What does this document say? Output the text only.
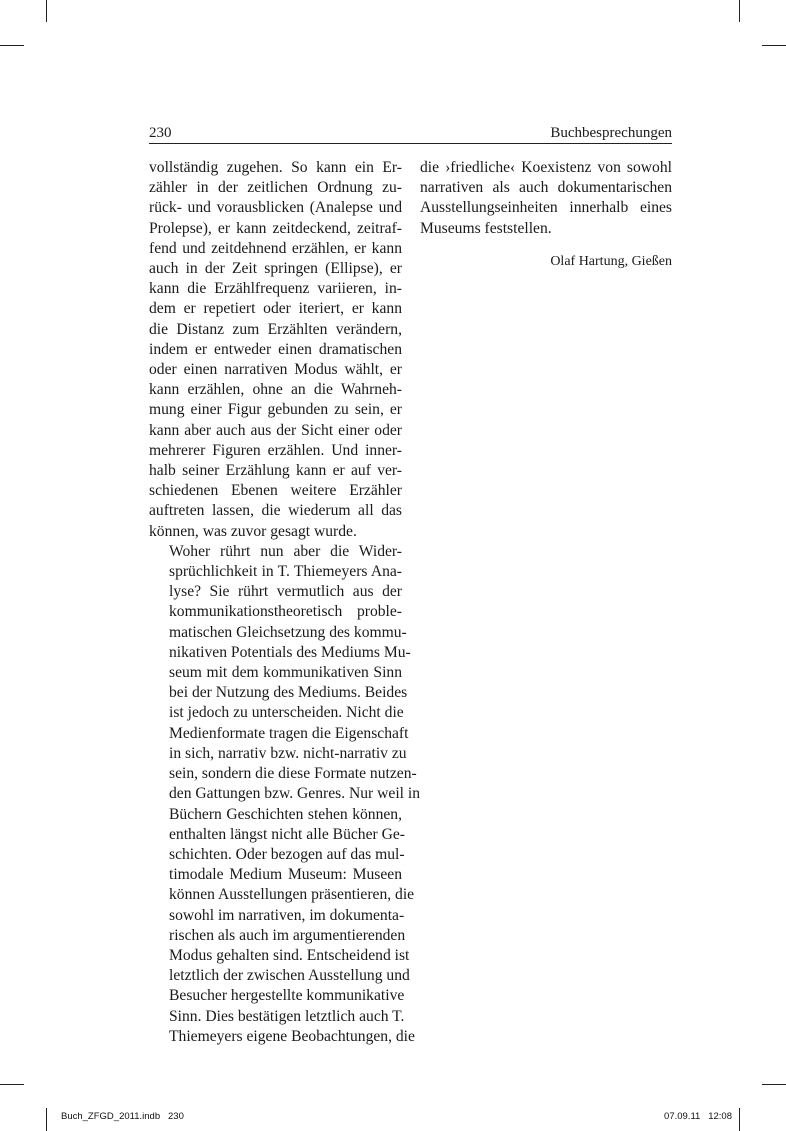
230	Buchbesprechungen

vollständig zugehen. So kann ein Er-
zähler in der zeitlichen Ordnung zu-
rück- und vorausblicken (Analepse und
Prolepse), er kann zeitdeckend, zeitraf-
fend und zeitdehnend erzählen, er kann
auch in der Zeit springen (Ellipse), er
kann die Erzählfrequenz variieren, in-
dem er repetiert oder iteriert, er kann
die Distanz zum Erzählten verändern,
indem er entweder einen dramatischen
oder einen narrativen Modus wählt, er
kann erzählen, ohne an die Wahrneh-
mung einer Figur gebunden zu sein, er
kann aber auch aus der Sicht einer oder
mehrerer Figuren erzählen. Und inner-
halb seiner Erzählung kann er auf ver-
schiedenen Ebenen weitere Erzähler
auftreten lassen, die wiederum all das
können, was zuvor gesagt wurde.

Woher rührt nun aber die Wider-
sprüchlichkeit in T. Thiemeyers Ana-
lyse? Sie rührt vermutlich aus der
kommunikationstheoretisch proble-
matischen Gleichsetzung des kommu-
nikativen Potentials des Mediums Mu-
seum mit dem kommunikativen Sinn
bei der Nutzung des Mediums. Beides
ist jedoch zu unterscheiden. Nicht die
Medienformate tragen die Eigenschaft
in sich, narrativ bzw. nicht-narrativ zu
sein, sondern die diese Formate nutzen-
den Gattungen bzw. Genres. Nur weil in
Büchern Geschichten stehen können,
enthalten längst nicht alle Bücher Ge-
schichten. Oder bezogen auf das mul-
timodale Medium Museum: Museen
können Ausstellungen präsentieren, die
sowohl im narrativen, im dokumenta-
rischen als auch im argumentierenden
Modus gehalten sind. Entscheidend ist
letztlich der zwischen Ausstellung und
Besucher hergestellte kommunikative
Sinn. Dies bestätigen letztlich auch T.
Thiemeyers eigene Beobachtungen, die

die ›friedliche‹ Koexistenz von sowohl
narrativen als auch dokumentarischen
Ausstellungseinheiten innerhalb eines
Museums feststellen.

Olaf Hartung, Gießen
Buch_ZFGD_2011.indb   230	07.09.11   12:08
